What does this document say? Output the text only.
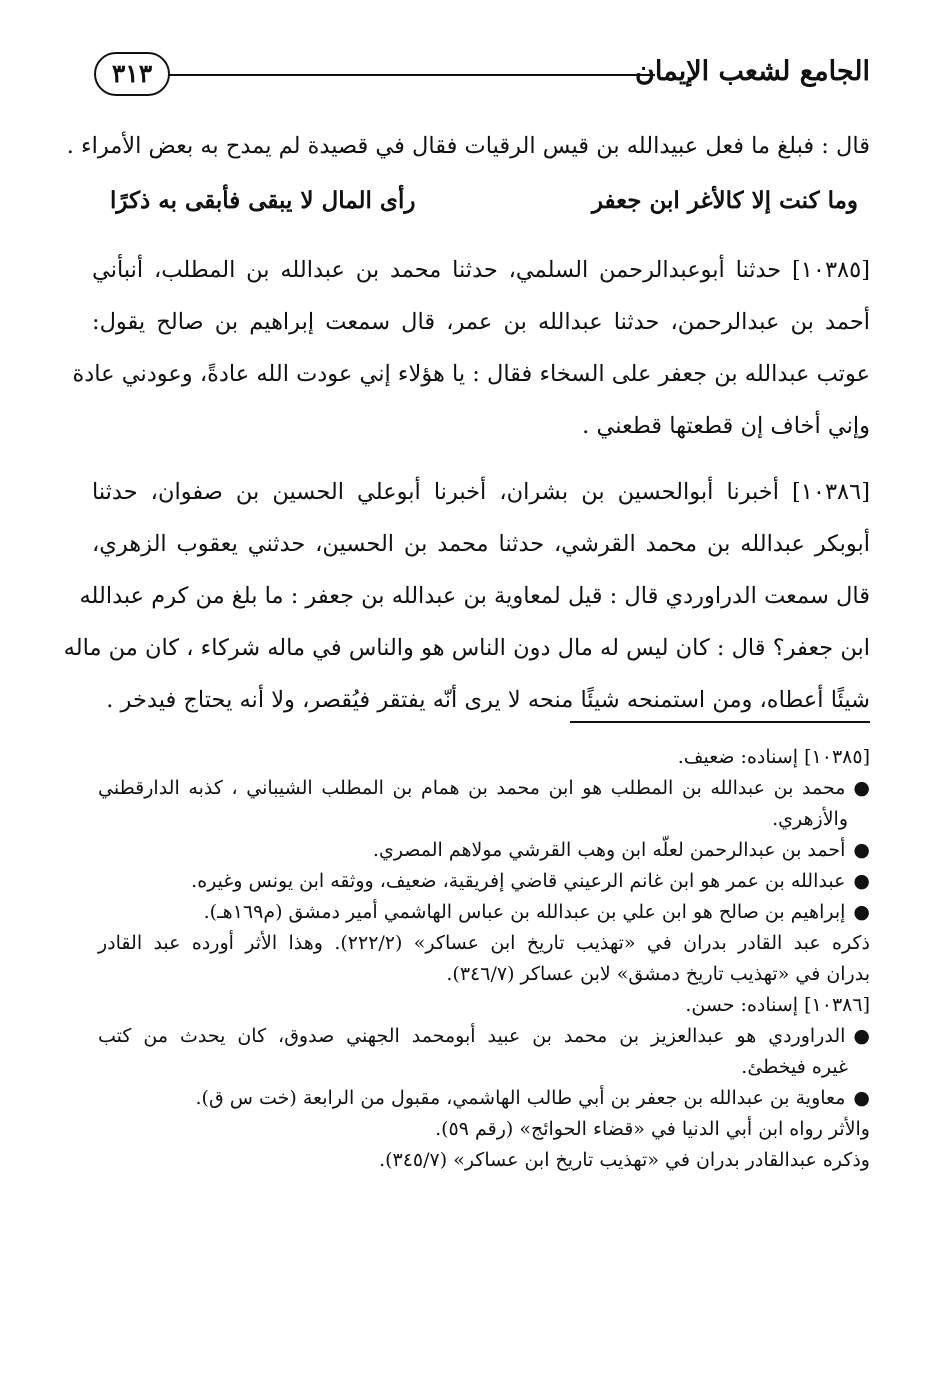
الجامع لشعب الإيمان
٣١٣
قال : فبلغ ما فعل عبيدالله بن قيس الرقيات فقال في قصيدة لم يمدح به بعض الأمراء .
وما كنت إلا كالأغر ابن جعفر
رأى المال لا يبقى فأبقى به ذكرًا
[١٠٣٨٥] حدثنا أبوعبدالرحمن السلمي، حدثنا محمد بن عبدالله بن المطلب، أنبأني
أحمد بن عبدالرحمن، حدثنا عبدالله بن عمر، قال سمعت إبراهيم بن صالح يقول:
عوتب عبدالله بن جعفر على السخاء فقال : يا هؤلاء إني عودت الله عادةً، وعودني عادة
وإني أخاف إن قطعتها قطعني .
[١٠٣٨٦] أخبرنا أبوالحسين بن بشران، أخبرنا أبوعلي الحسين بن صفوان، حدثنا
أبوبكر عبدالله بن محمد القرشي، حدثنا محمد بن الحسين، حدثني يعقوب الزهري،
قال سمعت الدراوردي قال : قيل لمعاوية بن عبدالله بن جعفر : ما بلغ من كرم عبدالله
ابن جعفر؟ قال : كان ليس له مال دون الناس هو والناس في ماله شركاء ، كان من ماله
شيئًا أعطاه، ومن استمنحه شيئًا منحه لا يرى أنّه يفتقر فيُقصر، ولا أنه يحتاج فيدخر .
[١٠٣٨٥] إسناده: ضعيف.
●محمد بن عبدالله بن المطلب هو ابن محمد بن همام بن المطلب الشيباني ، كذبه الدارقطني
والأزهري.
●أحمد بن عبدالرحمن لعلّه ابن وهب القرشي مولاهم المصري.
●عبدالله بن عمر هو ابن غانم الرعيني قاضي إفريقية، ضعيف، ووثقه ابن يونس وغيره.
●إبراهيم بن صالح هو ابن علي بن عبدالله بن عباس الهاشمي أمير دمشق (م١٦٩هـ).
ذكره عبد القادر بدران في «تهذيب تاريخ ابن عساكر» (٢٢٢/٢). وهذا الأثر أورده عبد القادر
بدران في «تهذيب تاريخ دمشق» لابن عساكر (٣٤٦/٧).
[١٠٣٨٦] إسناده: حسن.
●الدراوردي هو عبدالعزيز بن محمد بن عبيد أبومحمد الجهني صدوق، كان يحدث من كتب
غيره فيخطئ.
●معاوية بن عبدالله بن جعفر بن أبي طالب الهاشمي، مقبول من الرابعة (خت س ق).
والأثر رواه ابن أبي الدنيا في «قضاء الحوائج» (رقم ٥٩).
وذكره عبدالقادر بدران في «تهذيب تاريخ ابن عساكر» (٣٤٥/٧).
